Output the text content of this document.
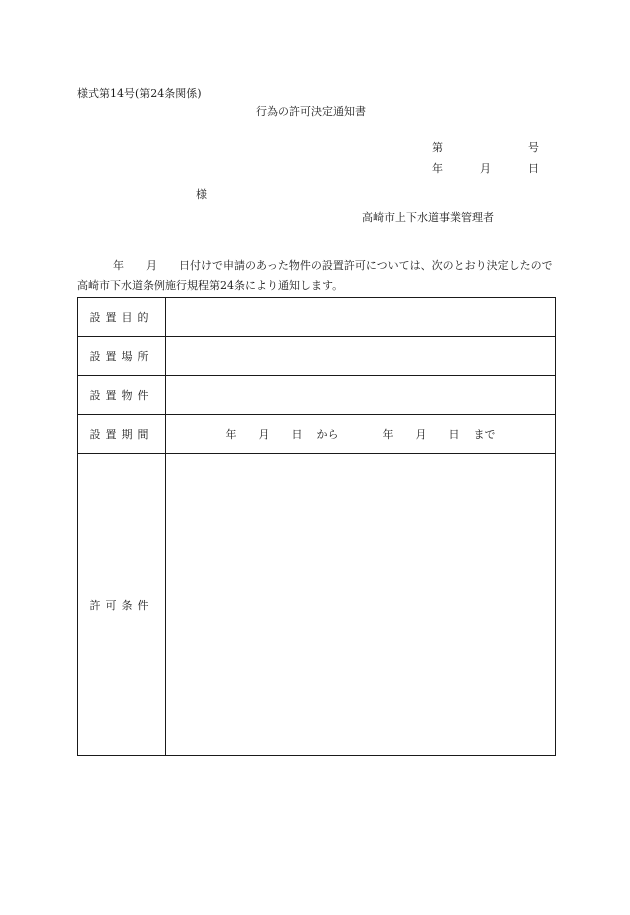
様式第14号(第24条関係)
行為の許可決定通知書
第	号
年	月	日
様
高崎市上下水道事業管理者
年 月 日付けで申請のあった物件の設置許可については、次のとおり決定したので高崎市下水道条例施行規程第24条により通知します。
設置目的	
設置場所	
設置物件	
設置期間	年 月 日 から 年 月 日 まで
許可条件	
